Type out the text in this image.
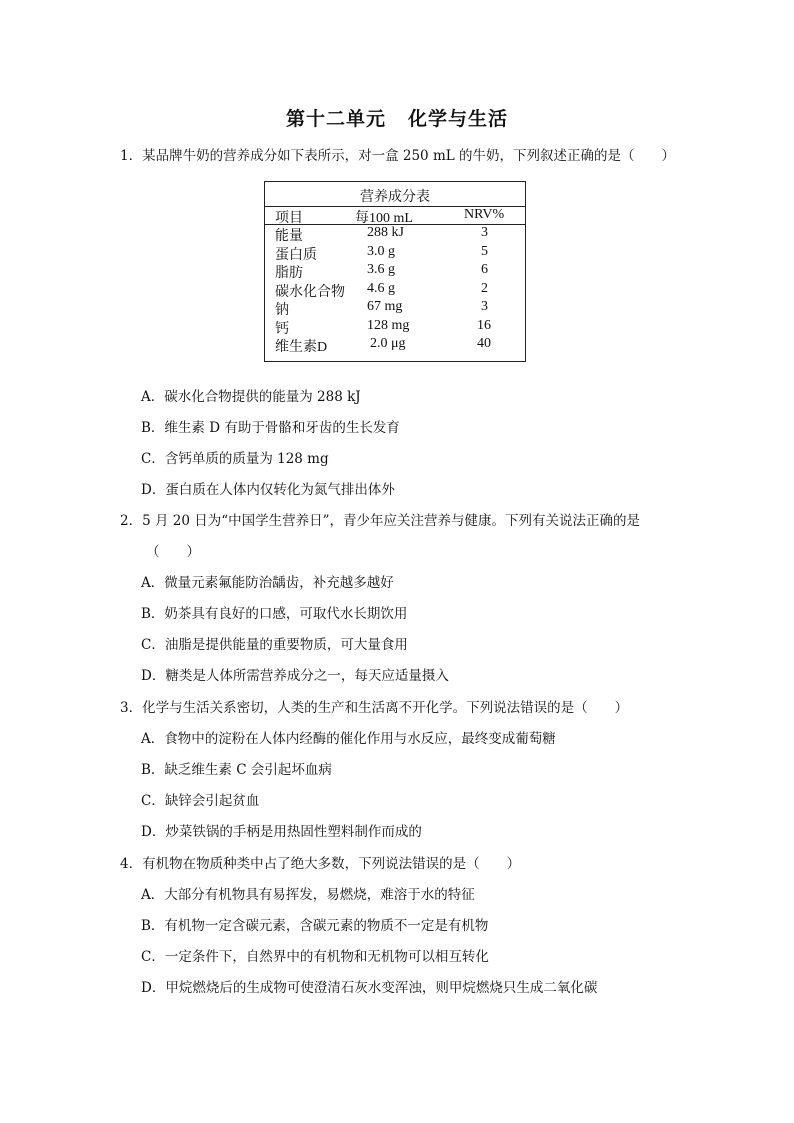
第十二单元 化学与生活
1．某品牌牛奶的营养成分如下表所示，对一盒 250 mL 的牛奶，下列叙述正确的是（　　）
营养成分表
项目	每100 mL	NRV%
能量	288 kJ	3
蛋白质	3.0 g	5
脂肪	3.6 g	6
碳水化合物 4.6 g	2
钠	67 mg	3
钙	128 mg	16
维生素D	2.0 μg	40
A．碳水化合物提供的能量为 288 kJ
B．维生素 D 有助于骨骼和牙齿的生长发育
C．含钙单质的质量为 128 mg
D．蛋白质在人体内仅转化为氮气排出体外
2．5 月 20 日为“中国学生营养日”，青少年应关注营养与健康。下列有关说法正确的是
（　　）
A．微量元素氟能防治龋齿，补充越多越好
B．奶茶具有良好的口感，可取代水长期饮用
C．油脂是提供能量的重要物质，可大量食用
D．糖类是人体所需营养成分之一，每天应适量摄入
3．化学与生活关系密切，人类的生产和生活离不开化学。下列说法错误的是（　　）
A．食物中的淀粉在人体内经酶的催化作用与水反应，最终变成葡萄糖
B．缺乏维生素 C 会引起坏血病
C．缺锌会引起贫血
D．炒菜铁锅的手柄是用热固性塑料制作而成的
4．有机物在物质种类中占了绝大多数，下列说法错误的是（　　）
A．大部分有机物具有易挥发，易燃烧，难溶于水的特征
B．有机物一定含碳元素，含碳元素的物质不一定是有机物
C．一定条件下，自然界中的有机物和无机物可以相互转化
D．甲烷燃烧后的生成物可使澄清石灰水变浑浊，则甲烷燃烧只生成二氧化碳
